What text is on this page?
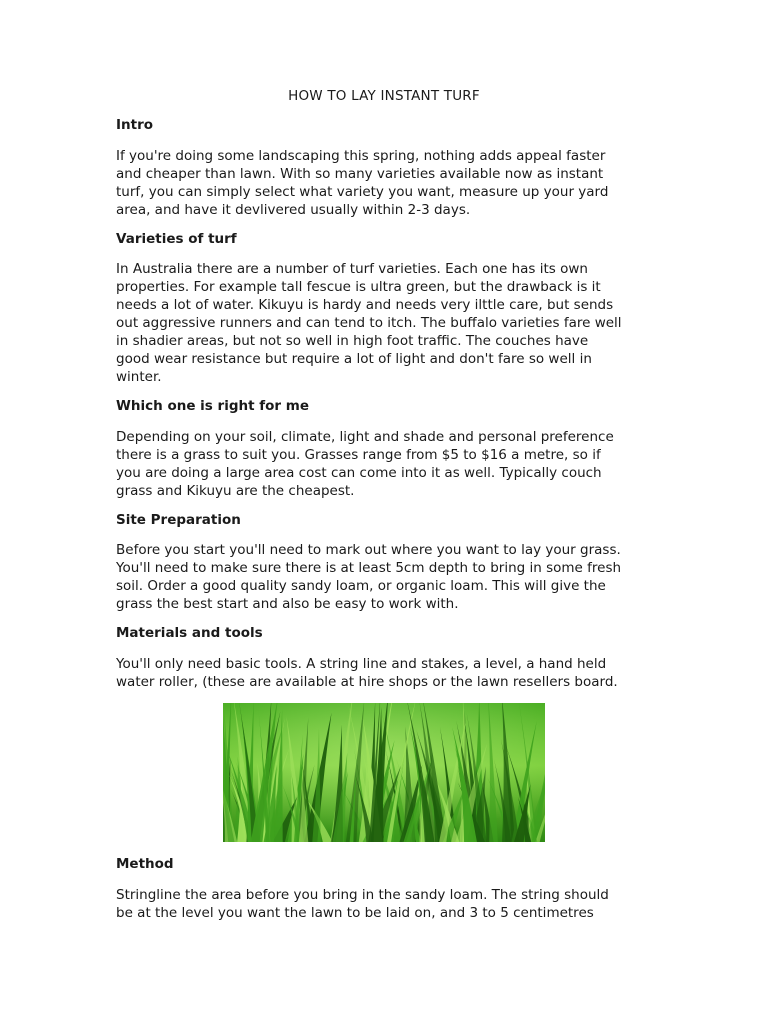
HOW TO LAY INSTANT TURF
Intro
If you're doing some landscaping this spring, nothing adds appeal faster
and cheaper than lawn. With so many varieties available now as instant
turf, you can simply select what variety you want, measure up your yard
area, and have it devlivered usually within 2-3 days.
Varieties of turf
In Australia there are a number of turf varieties. Each one has its own
properties. For example tall fescue is ultra green, but the drawback is it
needs a lot of water. Kikuyu is hardy and needs very ilttle care, but sends
out aggressive runners and can tend to itch. The buffalo varieties fare well
in shadier areas, but not so well in high foot traffic. The couches have
good wear resistance but require a lot of light and don't fare so well in
winter.
Which one is right for me
Depending on your soil, climate, light and shade and personal preference
there is a grass to suit you. Grasses range from $5 to $16 a metre, so if
you are doing a large area cost can come into it as well. Typically couch
grass and Kikuyu are the cheapest.
Site Preparation
Before you start you'll need to mark out where you want to lay your grass.
You'll need to make sure there is at least 5cm depth to bring in some fresh
soil. Order a good quality sandy loam, or organic loam. This will give the
grass the best start and also be easy to work with.
Materials and tools
You'll only need basic tools. A string line and stakes, a level, a hand held
water roller, (these are available at hire shops or the lawn resellers board.
Method
Stringline the area before you bring in the sandy loam. The string should
be at the level you want the lawn to be laid on, and 3 to 5 centimetres
